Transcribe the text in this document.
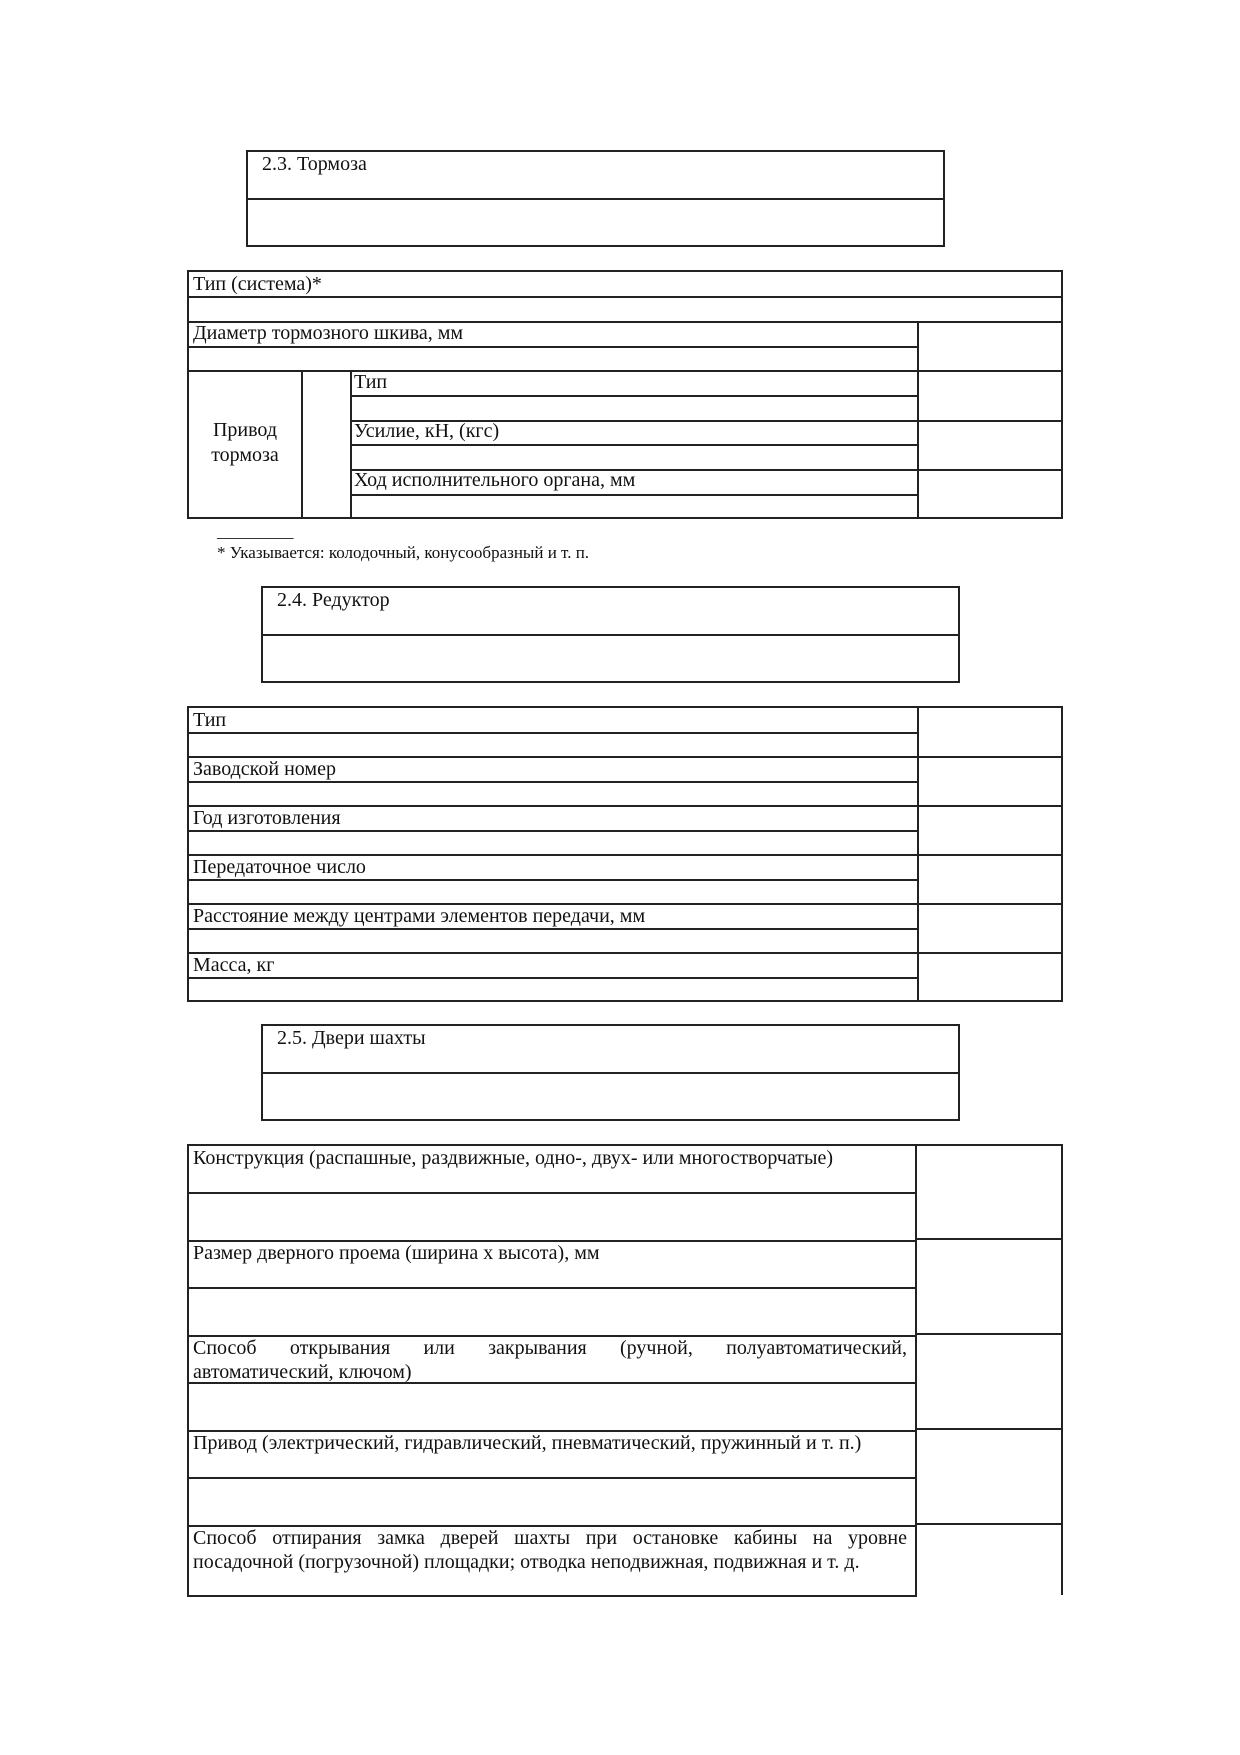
2.3. Тормоза
Тип (система)*
Диаметр тормозного шкива, мм
Привод тормоза
Тип
Усилие, кН, (кгс)
Ход исполнительного органа, мм
_________
* Указывается: колодочный, конусообразный и т. п.
2.4. Редуктор
Тип
Заводской номер
Год изготовления
Передаточное число
Расстояние между центрами элементов передачи, мм
Масса, кг
2.5. Двери шахты
Конструкция (распашные, раздвижные, одно-, двух- или многостворчатые)
Размер дверного проема (ширина х высота), мм
Способ открывания или закрывания (ручной, полуавтоматический, автоматический, ключом)
Привод (электрический, гидравлический, пневматический, пружинный и т. п.)
Способ отпирания замка дверей шахты при остановке кабины на уровне посадочной (погрузочной) площадки; отводка неподвижная, подвижная и т. д.
